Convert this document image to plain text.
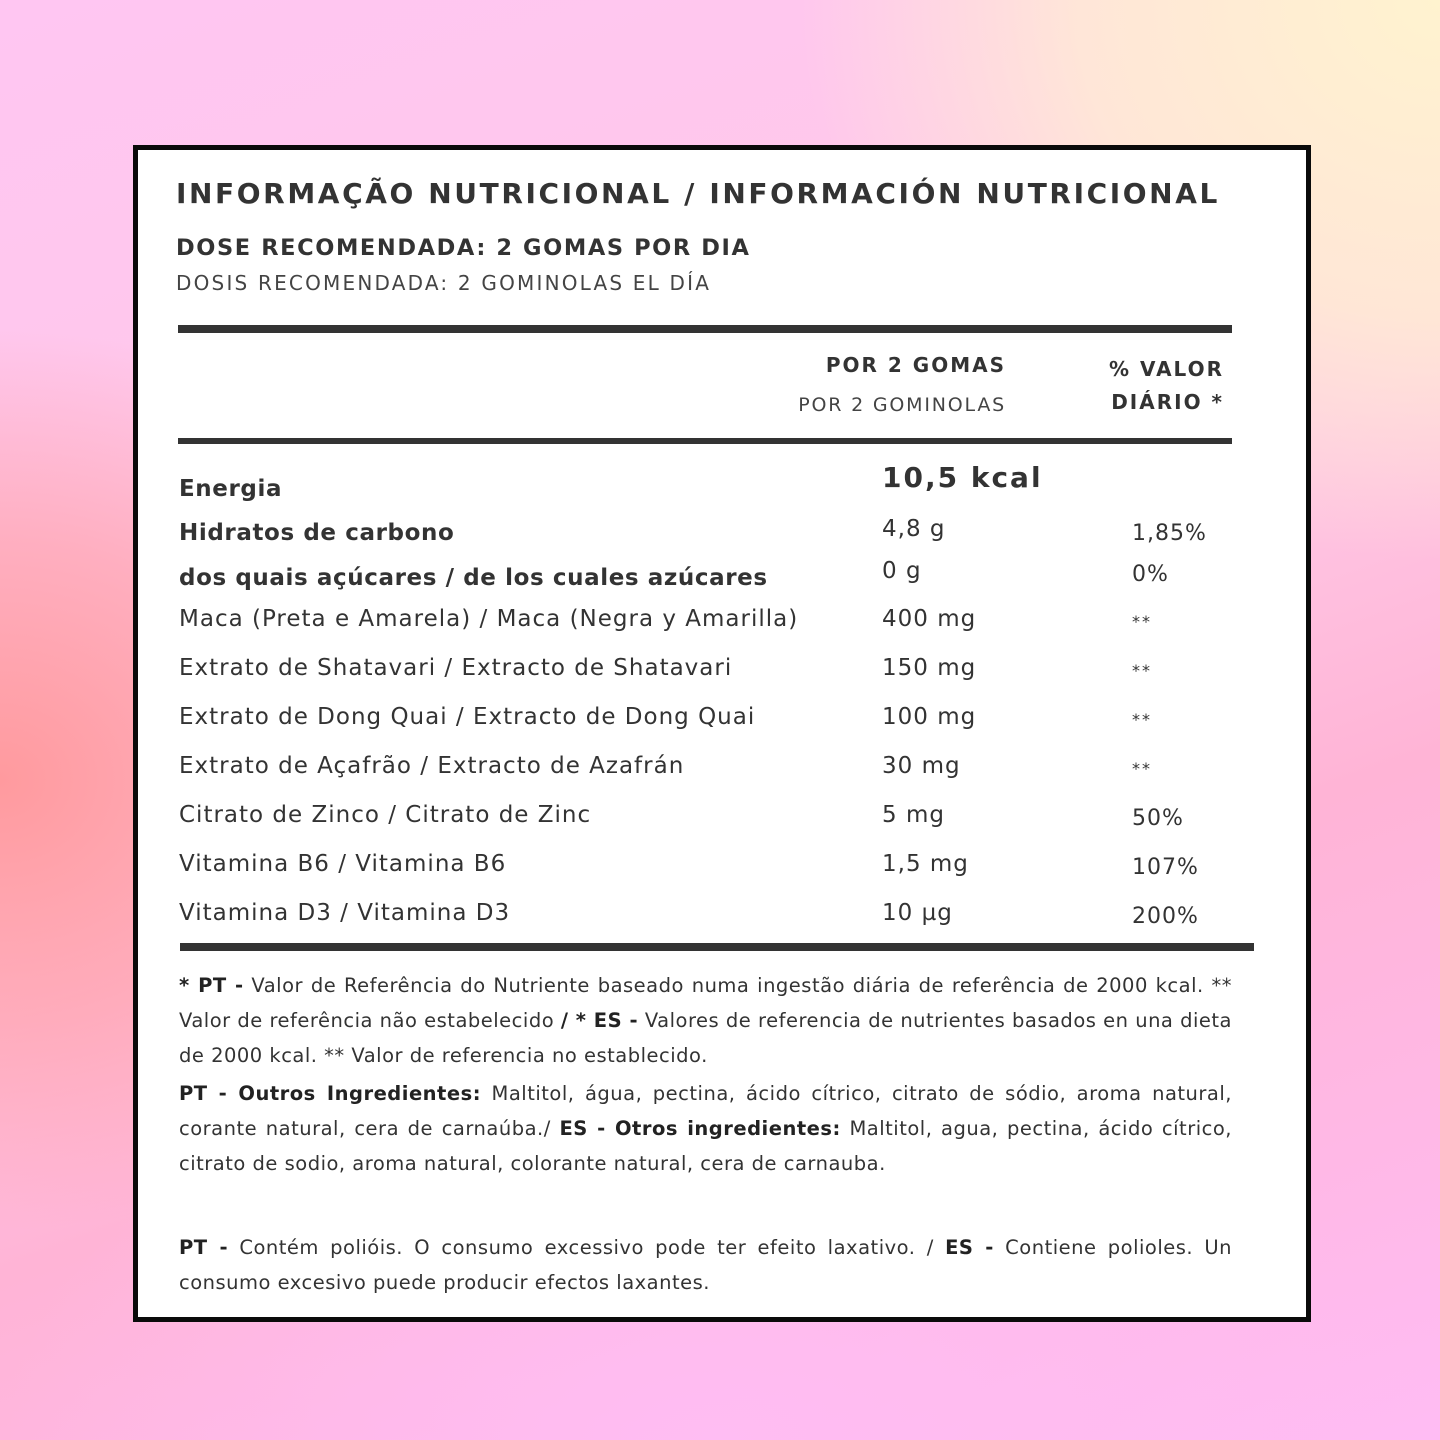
INFORMAÇÃO NUTRICIONAL / INFORMACIÓN NUTRICIONAL
DOSE RECOMENDADA: 2 GOMAS POR DIA
DOSIS RECOMENDADA: 2 GOMINOLAS EL DÍA
POR 2 GOMAS
POR 2 GOMINOLAS
% VALOR DIÁRIO *
Energia	10,5 kcal
Hidratos de carbono	4,8 g	1,85%
dos quais açúcares / de los cuales azúcares	0 g	0%
Maca (Preta e Amarela) / Maca (Negra y Amarilla)	400 mg	**
Extrato de Shatavari / Extracto de Shatavari	150 mg	**
Extrato de Dong Quai / Extracto de Dong Quai	100 mg	**
Extrato de Açafrão / Extracto de Azafrán	30 mg	**
Citrato de Zinco / Citrato de Zinc	5 mg	50%
Vitamina B6 / Vitamina B6	1,5 mg	107%
Vitamina D3 / Vitamina D3	10 µg	200%
* PT - Valor de Referência do Nutriente baseado numa ingestão diária de referência de 2000 kcal. ** Valor de referência não estabelecido / * ES - Valores de referencia de nutrientes basados en una dieta de 2000 kcal. ** Valor de referencia no establecido.
PT - Outros Ingredientes: Maltitol, água, pectina, ácido cítrico, citrato de sódio, aroma natural, corante natural, cera de carnaúba./ ES - Otros ingredientes: Maltitol, agua, pectina, ácido cítrico, citrato de sodio, aroma natural, colorante natural, cera de carnauba.
PT - Contém polióis. O consumo excessivo pode ter efeito laxativo. / ES - Contiene polioles. Un consumo excesivo puede producir efectos laxantes.
